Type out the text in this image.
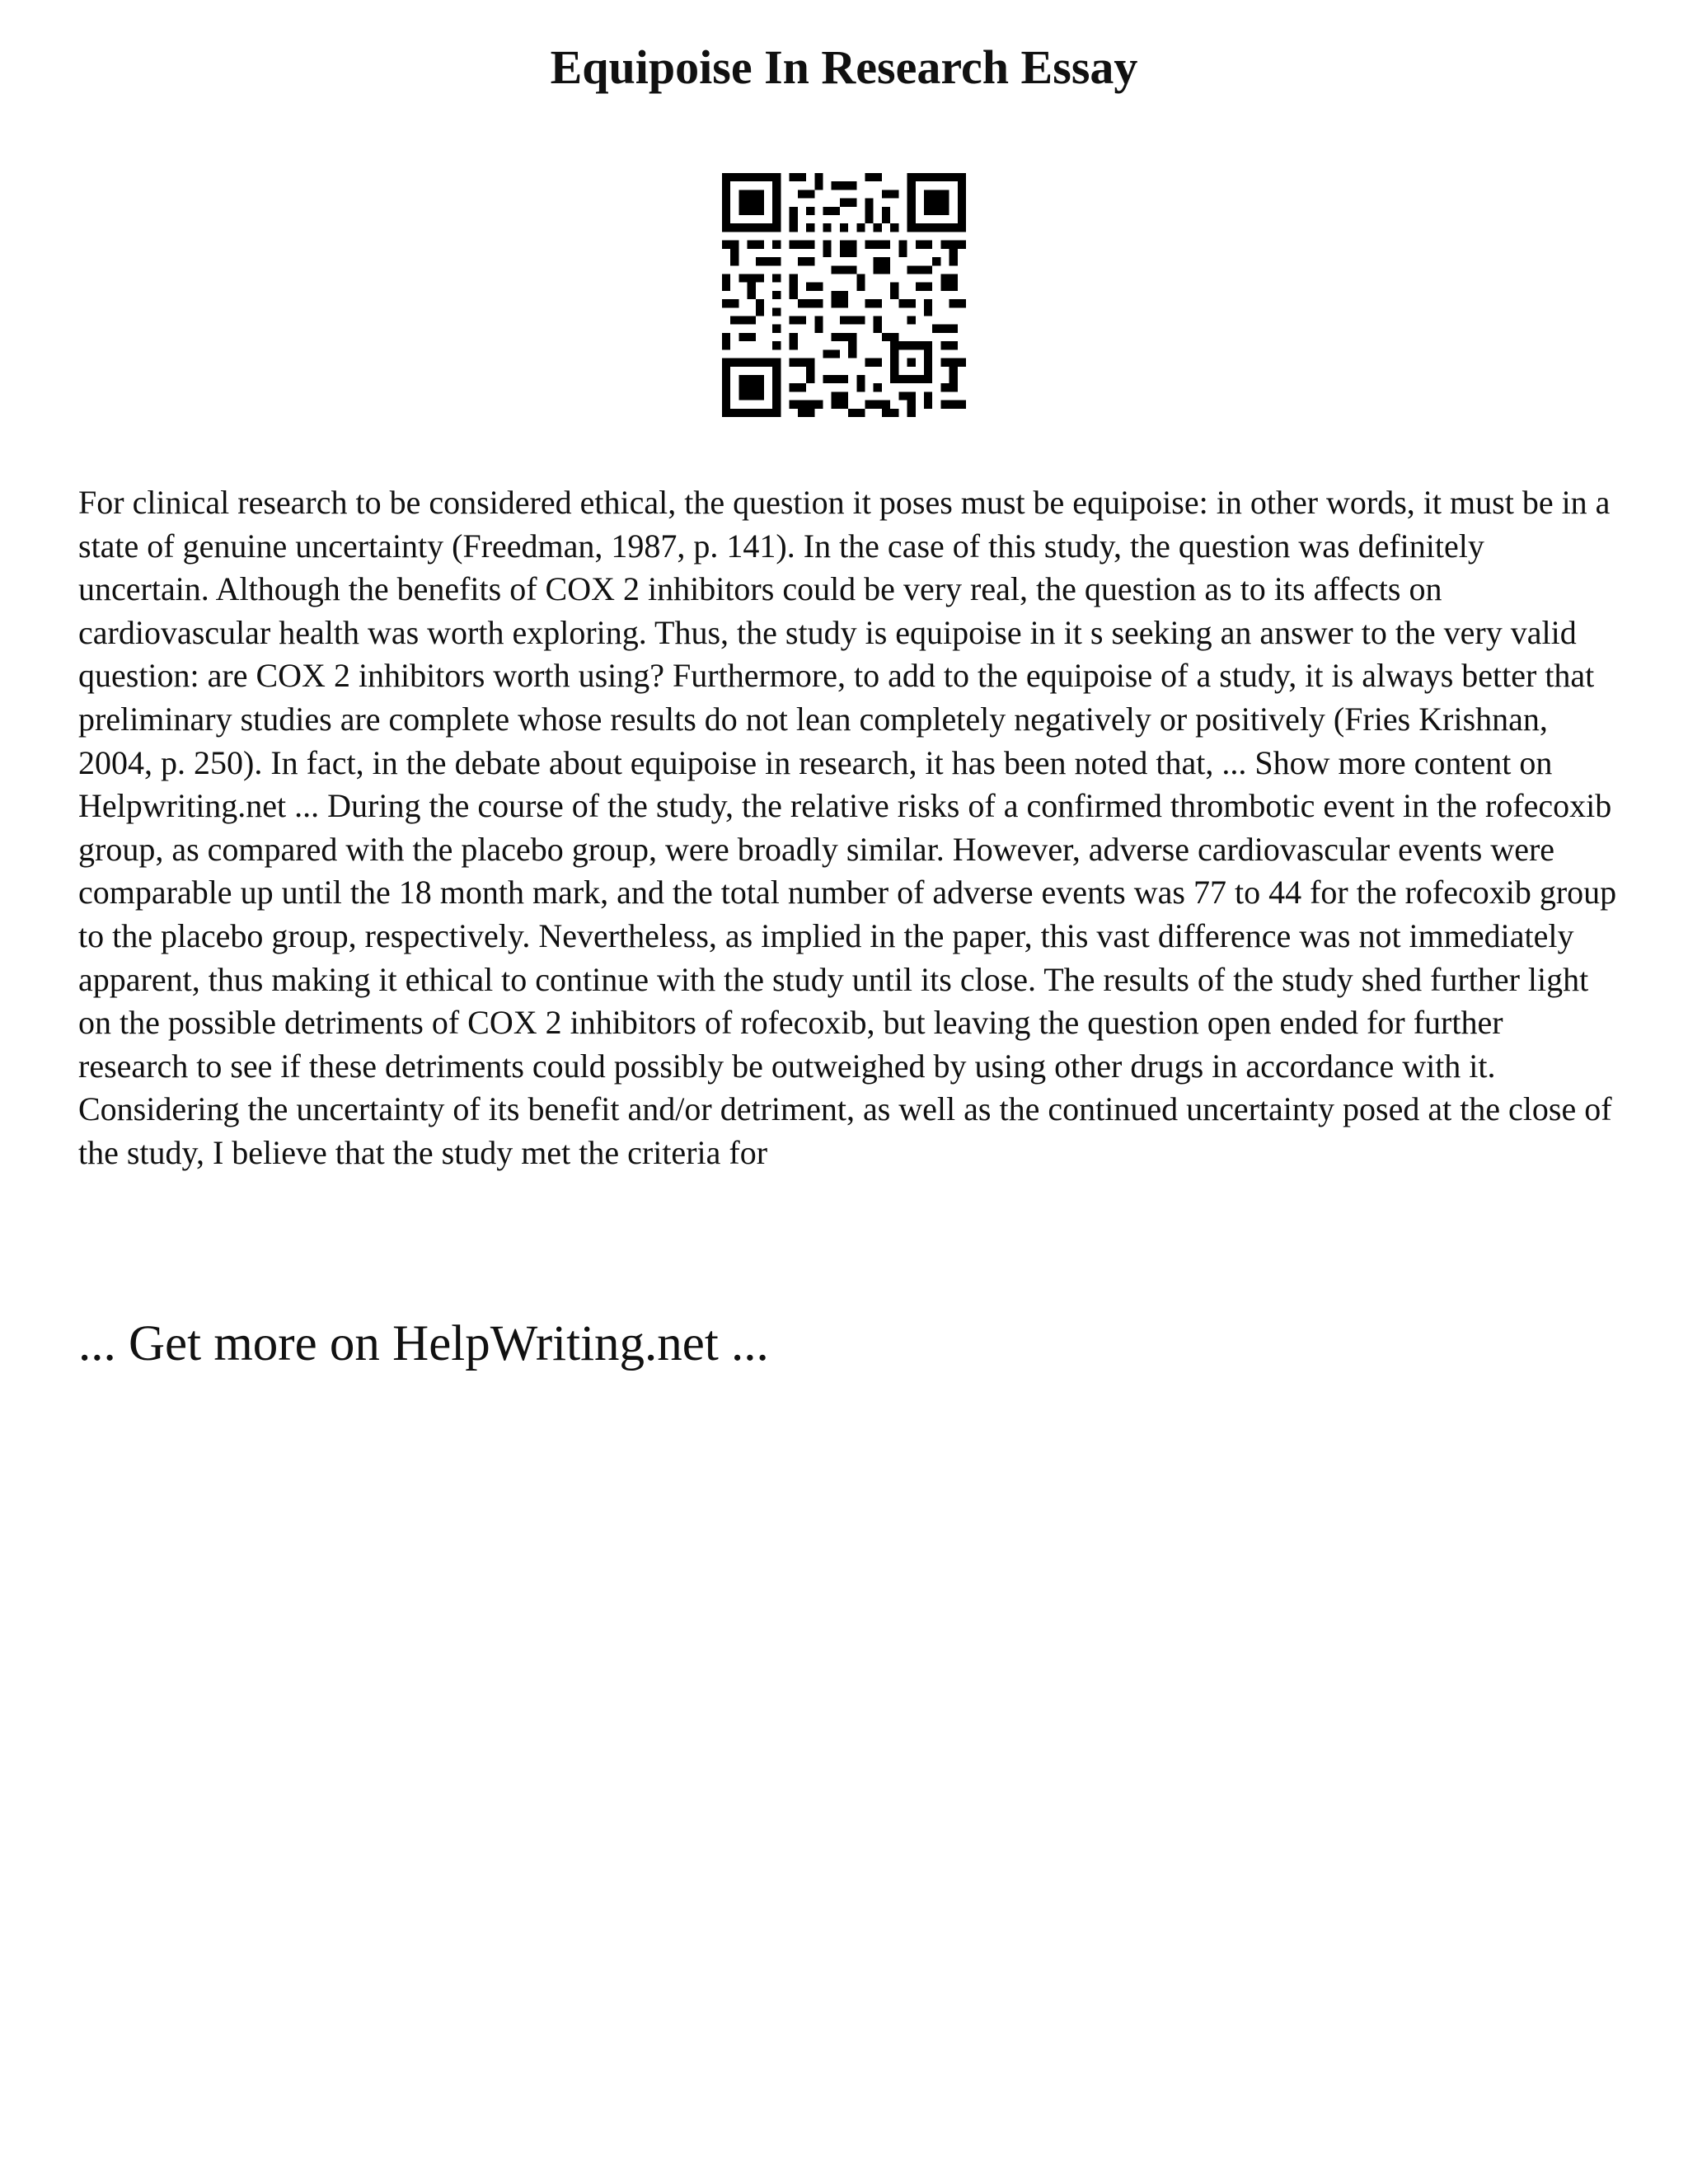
Equipoise In Research Essay

For clinical research to be considered ethical, the question it poses must be equipoise: in other words, it must be in a state of genuine uncertainty (Freedman, 1987, p. 141). In the case of this study, the question was definitely uncertain. Although the benefits of COX 2 inhibitors could be very real, the question as to its affects on cardiovascular health was worth exploring. Thus, the study is equipoise in it s seeking an answer to the very valid question: are COX 2 inhibitors worth using? Furthermore, to add to the equipoise of a study, it is always better that preliminary studies are complete whose results do not lean completely negatively or positively (Fries Krishnan, 2004, p. 250). In fact, in the debate about equipoise in research, it has been noted that, ... Show more content on Helpwriting.net ... During the course of the study, the relative risks of a confirmed thrombotic event in the rofecoxib group, as compared with the placebo group, were broadly similar. However, adverse cardiovascular events were comparable up until the 18 month mark, and the total number of adverse events was 77 to 44 for the rofecoxib group to the placebo group, respectively. Nevertheless, as implied in the paper, this vast difference was not immediately apparent, thus making it ethical to continue with the study until its close. The results of the study shed further light on the possible detriments of COX 2 inhibitors of rofecoxib, but leaving the question open ended for further research to see if these detriments could possibly be outweighed by using other drugs in accordance with it. Considering the uncertainty of its benefit and/or detriment, as well as the continued uncertainty posed at the close of the study, I believe that the study met the criteria for

... Get more on HelpWriting.net ...
